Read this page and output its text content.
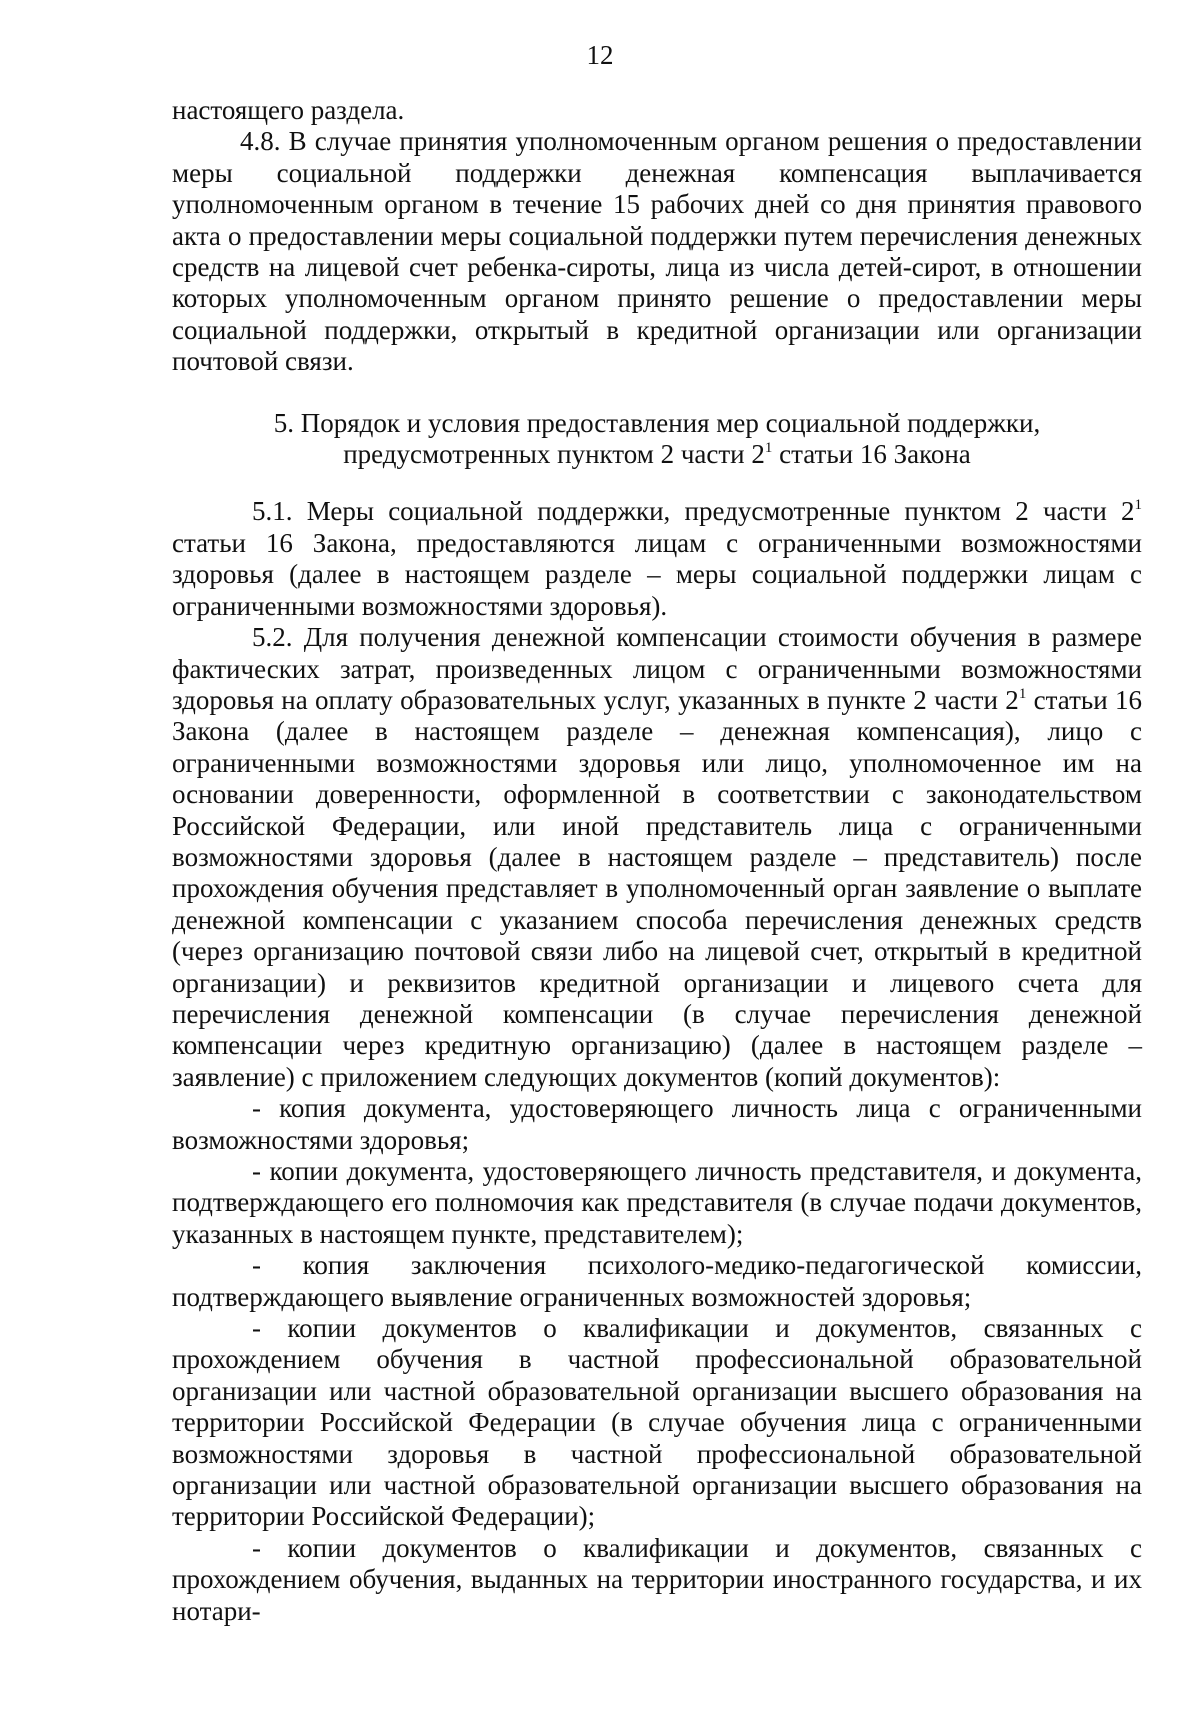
12

настоящего раздела.

4.8. В случае принятия уполномоченным органом решения о предоставлении меры социальной поддержки денежная компенсация выплачивается уполномоченным органом в течение 15 рабочих дней со дня принятия правового акта о предоставлении меры социальной поддержки путем перечисления денежных средств на лицевой счет ребенка-сироты, лица из числа детей-сирот, в отношении которых уполномоченным органом принято решение о предоставлении меры социальной поддержки, открытый в кредитной организации или организации почтовой связи.

5. Порядок и условия предоставления мер социальной поддержки, предусмотренных пунктом 2 части $2^1$ статьи 16 Закона

5.1. Меры социальной поддержки, предусмотренные пунктом 2 части $2^1$ статьи 16 Закона, предоставляются лицам с ограниченными возможностями здоровья (далее в настоящем разделе – меры социальной поддержки лицам с ограниченными возможностями здоровья).

5.2. Для получения денежной компенсации стоимости обучения в размере фактических затрат, произведенных лицом с ограниченными возможностями здоровья на оплату образовательных услуг, указанных в пункте 2 части $2^1$ статьи 16 Закона (далее в настоящем разделе – денежная компенсация), лицо с ограниченными возможностями здоровья или лицо, уполномоченное им на основании доверенности, оформленной в соответствии с законодательством Российской Федерации, или иной представитель лица с ограниченными возможностями здоровья (далее в настоящем разделе – представитель) после прохождения обучения представляет в уполномоченный орган заявление о выплате денежной компенсации с указанием способа перечисления денежных средств (через организацию почтовой связи либо на лицевой счет, открытый в кредитной организации) и реквизитов кредитной организации и лицевого счета для перечисления денежной компенсации (в случае перечисления денежной компенсации через кредитную организацию) (далее в настоящем разделе – заявление) с приложением следующих документов (копий документов):

- копия документа, удостоверяющего личность лица с ограниченными возможностями здоровья;

- копии документа, удостоверяющего личность представителя, и документа, подтверждающего его полномочия как представителя (в случае подачи документов, указанных в настоящем пункте, представителем);

- копия заключения психолого-медико-педагогической комиссии, подтверждающего выявление ограниченных возможностей здоровья;

- копии документов о квалификации и документов, связанных с прохождением обучения в частной профессиональной образовательной организации или частной образовательной организации высшего образования на территории Российской Федерации (в случае обучения лица с ограниченными возможностями здоровья в частной профессиональной образовательной организации или частной образовательной организации высшего образования на территории Российской Федерации);

- копии документов о квалификации и документов, связанных с прохождением обучения, выданных на территории иностранного государства, и их нотари-
